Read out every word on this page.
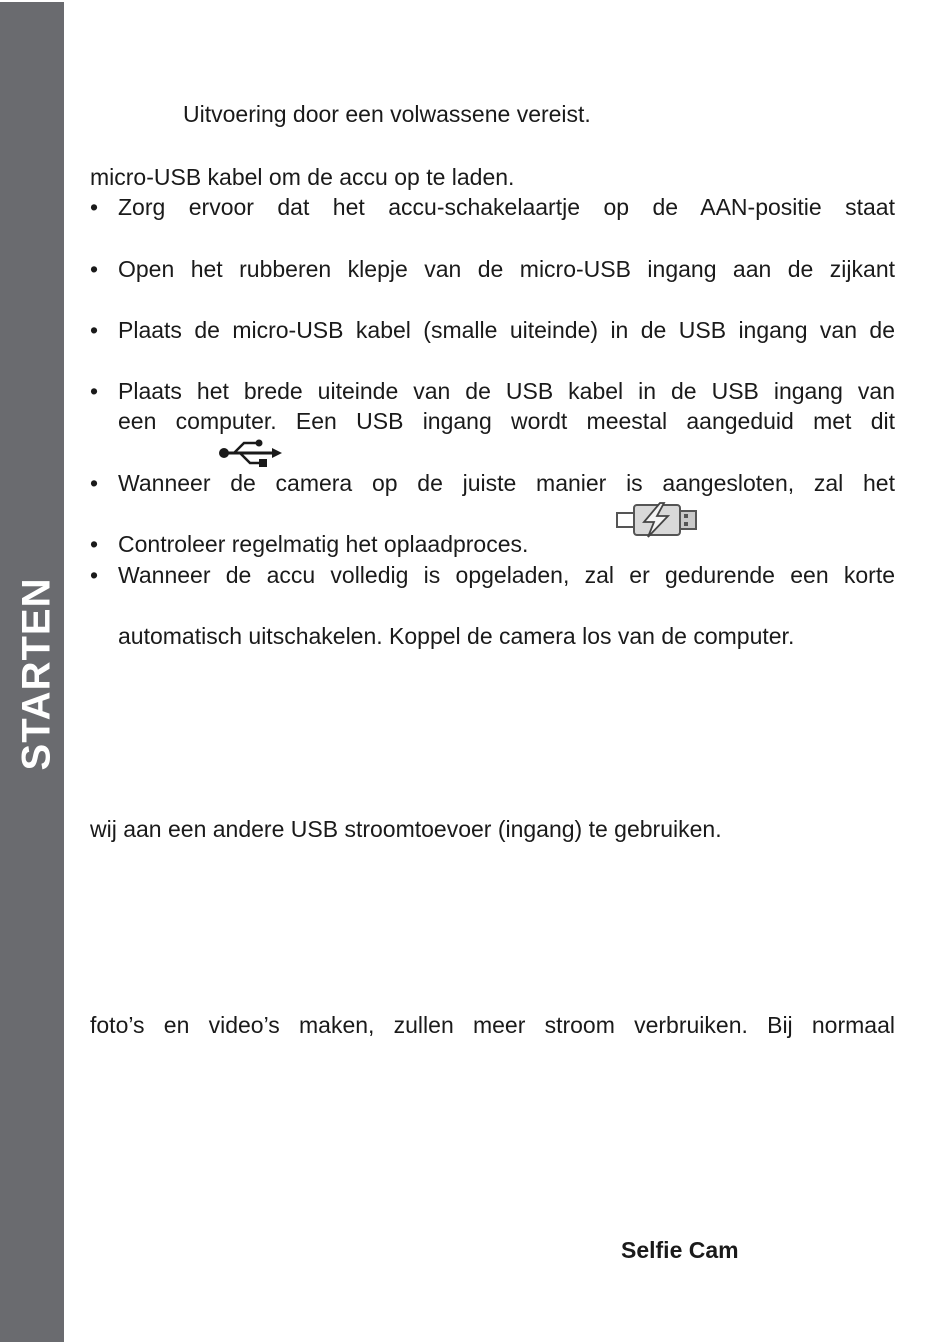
STARTEN
Uitvoering door een volwassene vereist.
micro-USB kabel om de accu op te laden.
• Zorg ervoor dat het accu-schakelaartje op de AAN-positie staat
• Open het rubberen klepje van de micro-USB ingang aan de zijkant
• Plaats de micro-USB kabel (smalle uiteinde) in de USB ingang van de
• Plaats het brede uiteinde van de USB kabel in de USB ingang van
een computer. Een USB ingang wordt meestal aangeduid met dit
• Wanneer de camera op de juiste manier is aangesloten, zal het
• Controleer regelmatig het oplaadproces.
• Wanneer de accu volledig is opgeladen, zal er gedurende een korte
automatisch uitschakelen. Koppel de camera los van de computer.
wij aan een andere USB stroomtoevoer (ingang) te gebruiken.
foto’s en video’s maken, zullen meer stroom verbruiken. Bij normaal
Selfie Cam
